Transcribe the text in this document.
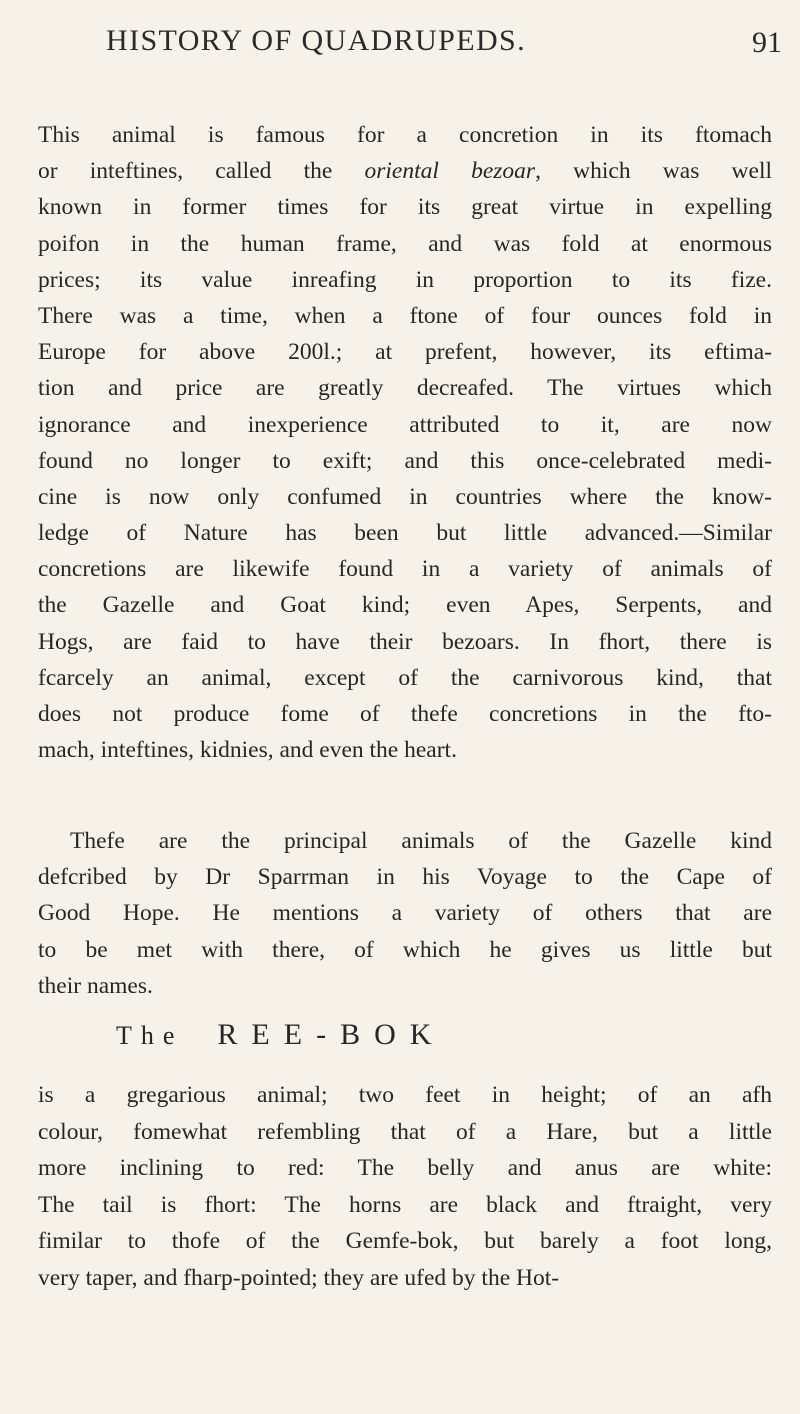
HISTORY OF QUADRUPEDS.	91
This animal is famous for a concretion in its ftomach
or inteftines, called the oriental bezoar, which was well
known in former times for its great virtue in expelling
poifon in the human frame, and was fold at enormous
prices; its value inreafing in proportion to its fize.
There was a time, when a ftone of four ounces fold in
Europe for above 200l.; at prefent, however, its eftima-
tion and price are greatly decreafed. The virtues which
ignorance and inexperience attributed to it, are now
found no longer to exift; and this once-celebrated medi-
cine is now only confumed in countries where the know-
ledge of Nature has been but little advanced.—Similar
concretions are likewife found in a variety of animals of
the Gazelle and Goat kind; even Apes, Serpents, and
Hogs, are faid to have their bezoars. In fhort, there is
fcarcely an animal, except of the carnivorous kind, that
does not produce fome of thefe concretions in the fto-
mach, inteftines, kidnies, and even the heart.
Thefe are the principal animals of the Gazelle kind
defcribed by Dr Sparrman in his Voyage to the Cape of
Good Hope. He mentions a variety of others that are
to be met with there, of which he gives us little but
their names.
The REE-BOK
is a gregarious animal; two feet in height; of an afh
colour, fomewhat refembling that of a Hare, but a little
more inclining to red: The belly and anus are white:
The tail is fhort: The horns are black and ftraight, very
fimilar to thofe of the Gemfe-bok, but barely a foot long,
very taper, and fharp-pointed; they are ufed by the Hot-
